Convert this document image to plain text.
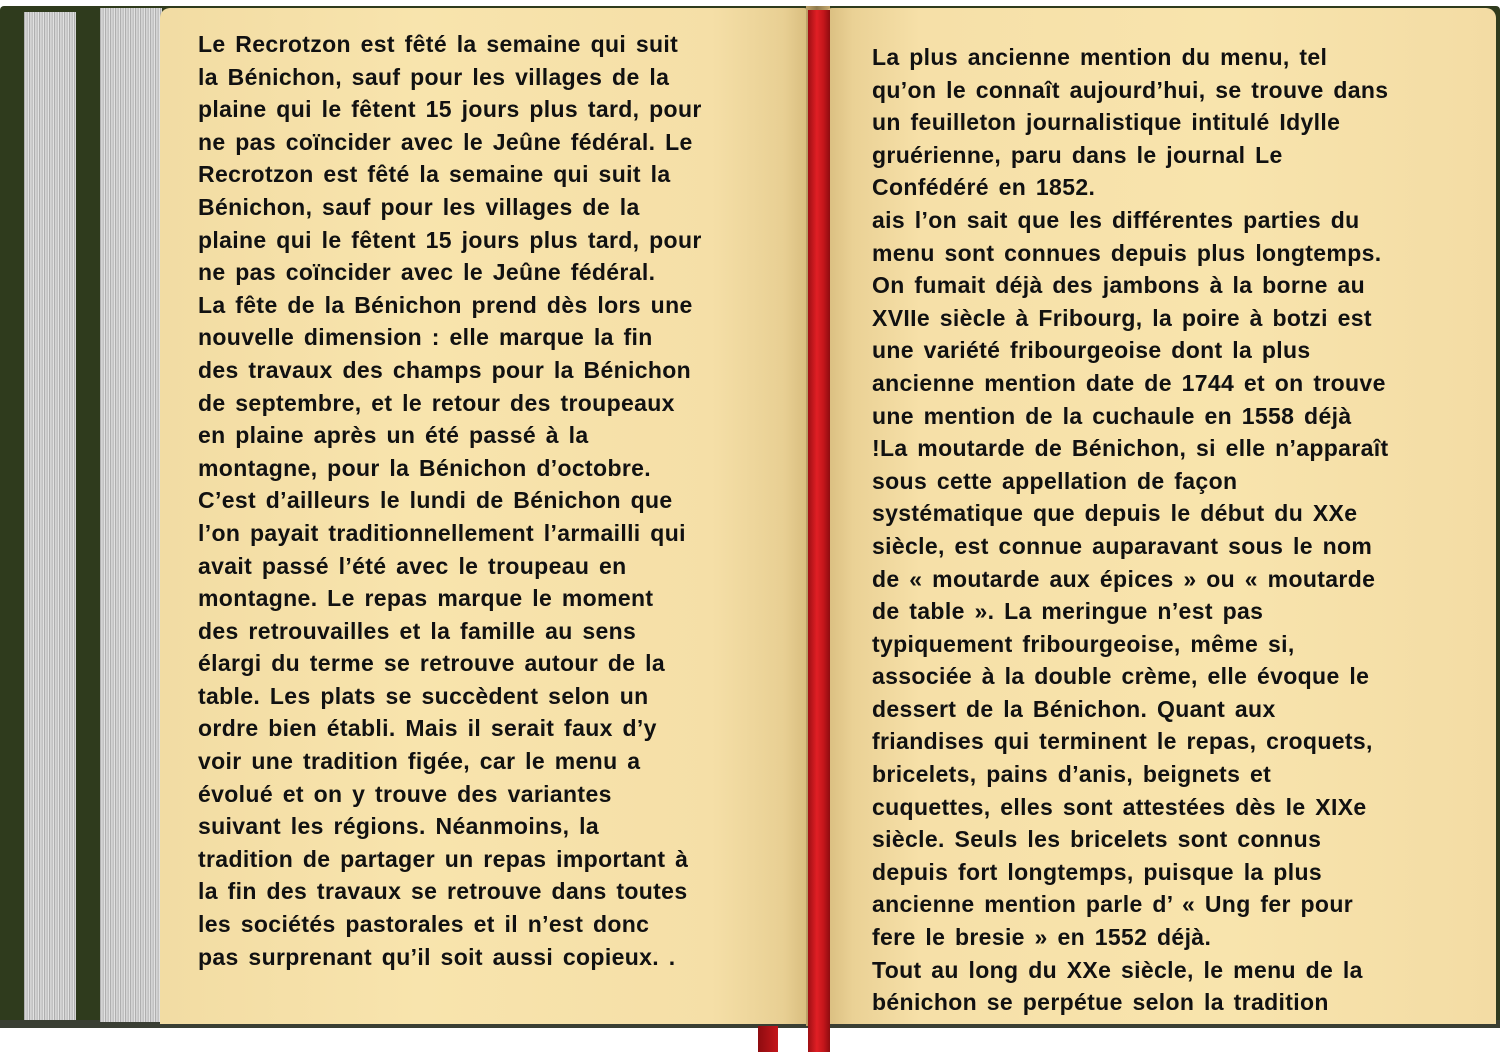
Le Recrotzon est fêté la semaine qui suit
la Bénichon, sauf pour les villages de la
plaine qui le fêtent 15 jours plus tard, pour
ne pas coïncider avec le Jeûne fédéral. Le
Recrotzon est fêté la semaine qui suit la
Bénichon, sauf pour les villages de la
plaine qui le fêtent 15 jours plus tard, pour
ne pas coïncider avec le Jeûne fédéral.
La fête de la Bénichon prend dès lors une
nouvelle dimension : elle marque la fin
des travaux des champs pour la Bénichon
de septembre, et le retour des troupeaux
en plaine après un été passé à la
montagne, pour la Bénichon d’octobre.
C’est d’ailleurs le lundi de Bénichon que
l’on payait traditionnellement l’armailli qui
avait passé l’été avec le troupeau en
montagne. Le repas marque le moment
des retrouvailles et la famille au sens
élargi du terme se retrouve autour de la
table. Les plats se succèdent selon un
ordre bien établi. Mais il serait faux d’y
voir une tradition figée, car le menu a
évolué et on y trouve des variantes
suivant les régions. Néanmoins, la
tradition de partager un repas important à
la fin des travaux se retrouve dans toutes
les sociétés pastorales et il n’est donc
pas surprenant qu’il soit aussi copieux. .

La plus ancienne mention du menu, tel
qu’on le connaît aujourd’hui, se trouve dans
un feuilleton journalistique intitulé Idylle
gruérienne, paru dans le journal Le
Confédéré en 1852.
ais l’on sait que les différentes parties du
menu sont connues depuis plus longtemps.
On fumait déjà des jambons à la borne au
XVIIe siècle à Fribourg, la poire à botzi est
une variété fribourgeoise dont la plus
ancienne mention date de 1744 et on trouve
une mention de la cuchaule en 1558 déjà
!La moutarde de Bénichon, si elle n’apparaît
sous cette appellation de façon
systématique que depuis le début du XXe
siècle, est connue auparavant sous le nom
de « moutarde aux épices » ou « moutarde
de table ». La meringue n’est pas
typiquement fribourgeoise, même si,
associée à la double crème, elle évoque le
dessert de la Bénichon. Quant aux
friandises qui terminent le repas, croquets,
bricelets, pains d’anis, beignets et
cuquettes, elles sont attestées dès le XIXe
siècle. Seuls les bricelets sont connus
depuis fort longtemps, puisque la plus
ancienne mention parle d’ « Ung fer pour
fere le bresie » en 1552 déjà.
Tout au long du XXe siècle, le menu de la
bénichon se perpétue selon la tradition
